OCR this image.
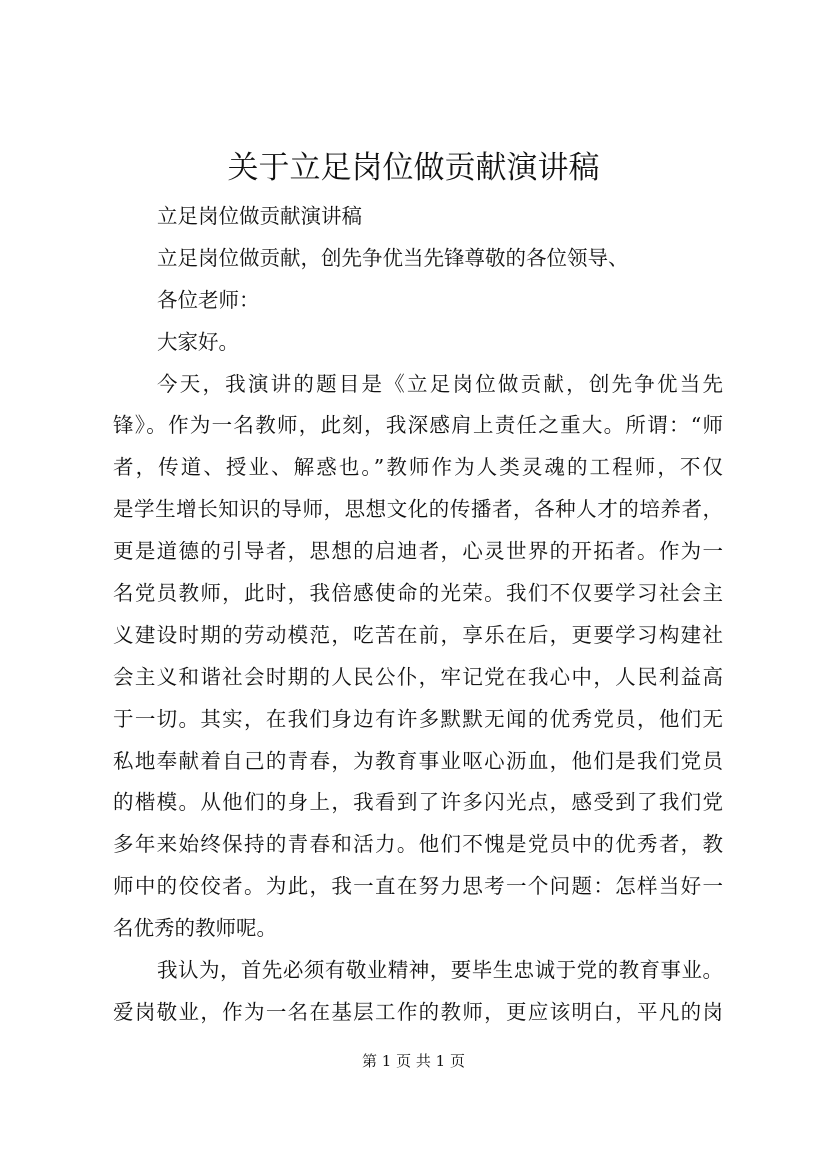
关于立足岗位做贡献演讲稿

立足岗位做贡献演讲稿

立足岗位做贡献，创先争优当先锋尊敬的各位领导、

各位老师：

大家好。

今天，我演讲的题目是《立足岗位做贡献，创先争优当先

锋》。作为一名教师，此刻，我深感肩上责任之重大。所谓：“师

者，传道、授业、解惑也。”教师作为人类灵魂的工程师，不仅

是学生增长知识的导师，思想文化的传播者，各种人才的培养者，

更是道德的引导者，思想的启迪者，心灵世界的开拓者。作为一

名党员教师，此时，我倍感使命的光荣。我们不仅要学习社会主

义建设时期的劳动模范，吃苦在前，享乐在后，更要学习构建社

会主义和谐社会时期的人民公仆，牢记党在我心中，人民利益高

于一切。其实，在我们身边有许多默默无闻的优秀党员，他们无

私地奉献着自己的青春，为教育事业呕心沥血，他们是我们党员

的楷模。从他们的身上，我看到了许多闪光点，感受到了我们党

多年来始终保持的青春和活力。他们不愧是党员中的优秀者，教

师中的佼佼者。为此，我一直在努力思考一个问题：怎样当好一

名优秀的教师呢。

我认为，首先必须有敬业精神，要毕生忠诚于党的教育事业。

爱岗敬业，作为一名在基层工作的教师，更应该明白，平凡的岗

第 1 页 共 1 页
